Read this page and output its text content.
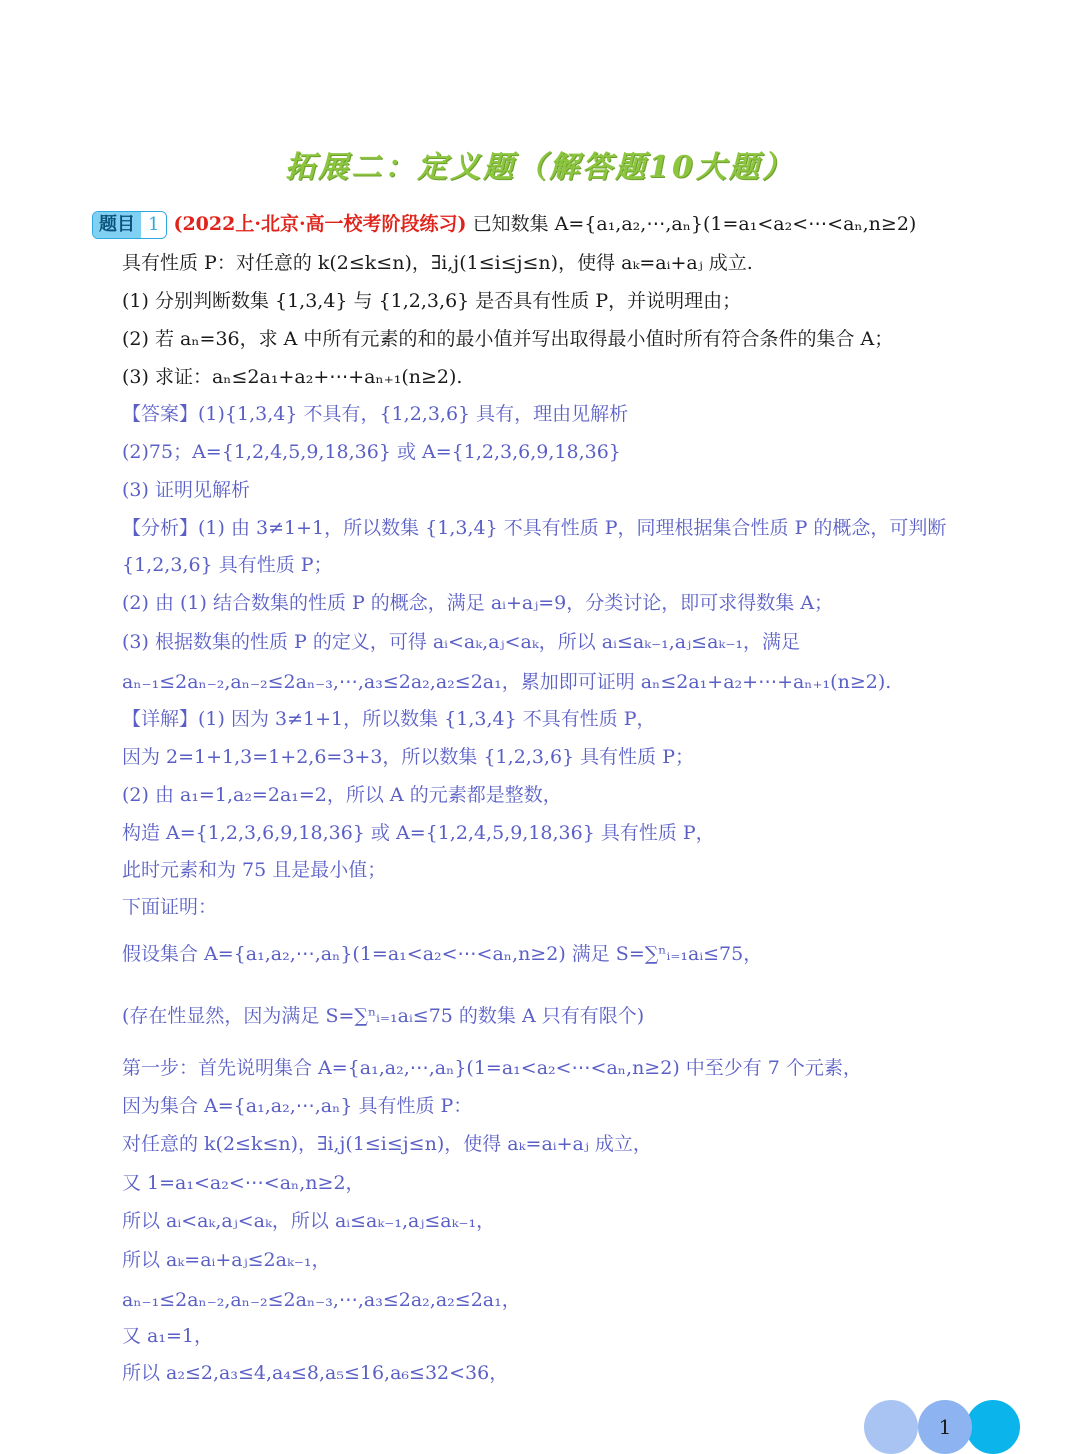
拓展二：定义题（解答题10大题）
题目 1 (2022上·北京·高一校考阶段练习) 已知数集 A={a₁,a₂,⋯,aₙ}(1=a₁<a₂<⋯<aₙ,n≥2)
具有性质 P：对任意的 k(2≤k≤n)，∃i,j(1≤i≤j≤n)，使得 aₖ=aᵢ+aⱼ 成立.
(1) 分别判断数集 {1,3,4} 与 {1,2,3,6} 是否具有性质 P，并说明理由；
(2) 若 aₙ=36，求 A 中所有元素的和的最小值并写出取得最小值时所有符合条件的集合 A；
(3) 求证：aₙ≤2a₁+a₂+⋯+aₙ₊₁(n≥2).
【答案】(1){1,3,4} 不具有，{1,2,3,6} 具有，理由见解析
(2)75；A={1,2,4,5,9,18,36} 或 A={1,2,3,6,9,18,36}
(3) 证明见解析
【分析】(1) 由 3≠1+1，所以数集 {1,3,4} 不具有性质 P，同理根据集合性质 P 的概念，可判断
{1,2,3,6} 具有性质 P；
(2) 由 (1) 结合数集的性质 P 的概念，满足 aᵢ+aⱼ=9，分类讨论，即可求得数集 A；
(3) 根据数集的性质 P 的定义，可得 aᵢ<aₖ,aⱼ<aₖ，所以 aᵢ≤aₖ₋₁,aⱼ≤aₖ₋₁，满足
aₙ₋₁≤2aₙ₋₂,aₙ₋₂≤2aₙ₋₃,⋯,a₃≤2a₂,a₂≤2a₁，累加即可证明 aₙ≤2a₁+a₂+⋯+aₙ₊₁(n≥2).
【详解】(1) 因为 3≠1+1，所以数集 {1,3,4} 不具有性质 P，
因为 2=1+1,3=1+2,6=3+3，所以数集 {1,2,3,6} 具有性质 P；
(2) 由 a₁=1,a₂=2a₁=2，所以 A 的元素都是整数，
构造 A={1,2,3,6,9,18,36} 或 A={1,2,4,5,9,18,36} 具有性质 P，
此时元素和为 75 且是最小值；
下面证明：
假设集合 A={a₁,a₂,⋯,aₙ}(1=a₁<a₂<⋯<aₙ,n≥2) 满足 S=∑ⁿᵢ₌₁aᵢ≤75，
(存在性显然，因为满足 S=∑ⁿᵢ₌₁aᵢ≤75 的数集 A 只有有限个)
第一步：首先说明集合 A={a₁,a₂,⋯,aₙ}(1=a₁<a₂<⋯<aₙ,n≥2) 中至少有 7 个元素，
因为集合 A={a₁,a₂,⋯,aₙ} 具有性质 P：
对任意的 k(2≤k≤n)，∃i,j(1≤i≤j≤n)，使得 aₖ=aᵢ+aⱼ 成立，
又 1=a₁<a₂<⋯<aₙ,n≥2，
所以 aᵢ<aₖ,aⱼ<aₖ，所以 aᵢ≤aₖ₋₁,aⱼ≤aₖ₋₁，
所以 aₖ=aᵢ+aⱼ≤2aₖ₋₁，
aₙ₋₁≤2aₙ₋₂,aₙ₋₂≤2aₙ₋₃,⋯,a₃≤2a₂,a₂≤2a₁，
又 a₁=1，
所以 a₂≤2,a₃≤4,a₄≤8,a₅≤16,a₆≤32<36，
1
